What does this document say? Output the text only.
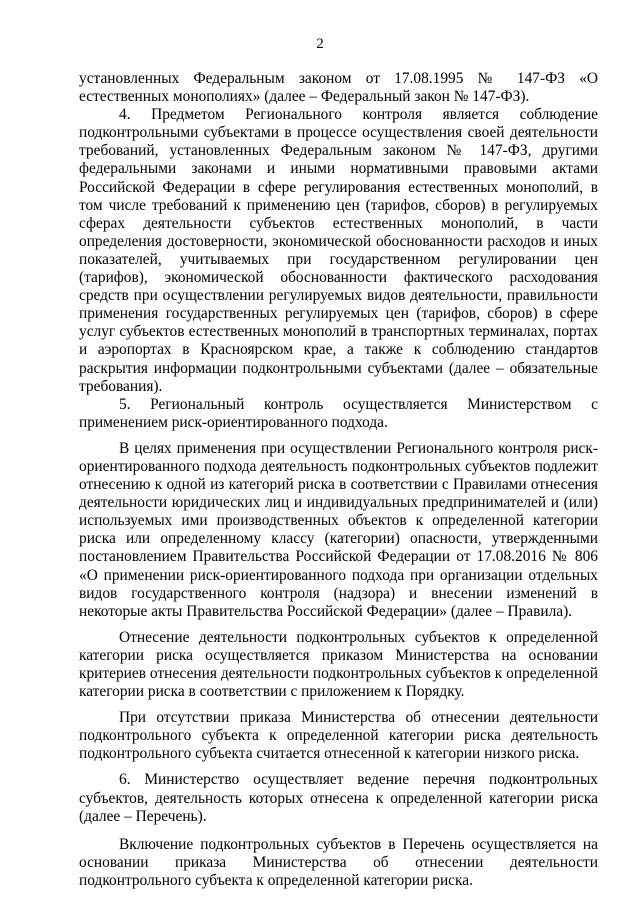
2

установленных Федеральным законом от 17.08.1995 № 147-ФЗ «О естественных монополиях» (далее – Федеральный закон № 147-ФЗ).

4. Предметом Регионального контроля является соблюдение подконтрольными субъектами в процессе осуществления своей деятельности требований, установленных Федеральным законом № 147-ФЗ, другими федеральными законами и иными нормативными правовыми актами Российской Федерации в сфере регулирования естественных монополий, в том числе требований к применению цен (тарифов, сборов) в регулируемых сферах деятельности субъектов естественных монополий, в части определения достоверности, экономической обоснованности расходов и иных показателей, учитываемых при государственном регулировании цен (тарифов), экономической обоснованности фактического расходования средств при осуществлении регулируемых видов деятельности, правильности применения государственных регулируемых цен (тарифов, сборов) в сфере услуг субъектов естественных монополий в транспортных терминалах, портах и аэропортах в Красноярском крае, а также к соблюдению стандартов раскрытия информации подконтрольными субъектами (далее – обязательные требования).

5. Региональный контроль осуществляется Министерством с применением риск-ориентированного подхода.

В целях применения при осуществлении Регионального контроля риск-ориентированного подхода деятельность подконтрольных субъектов подлежит отнесению к одной из категорий риска в соответствии с Правилами отнесения деятельности юридических лиц и индивидуальных предпринимателей и (или) используемых ими производственных объектов к определенной категории риска или определенному классу (категории) опасности, утвержденными постановлением Правительства Российской Федерации от 17.08.2016 № 806 «О применении риск-ориентированного подхода при организации отдельных видов государственного контроля (надзора) и внесении изменений в некоторые акты Правительства Российской Федерации» (далее – Правила).

Отнесение деятельности подконтрольных субъектов к определенной категории риска осуществляется приказом Министерства на основании критериев отнесения деятельности подконтрольных субъектов к определенной категории риска в соответствии с приложением к Порядку.

При отсутствии приказа Министерства об отнесении деятельности подконтрольного субъекта к определенной категории риска деятельность подконтрольного субъекта считается отнесенной к категории низкого риска.

6. Министерство осуществляет ведение перечня подконтрольных субъектов, деятельность которых отнесена к определенной категории риска (далее – Перечень).

Включение подконтрольных субъектов в Перечень осуществляется на основании приказа Министерства об отнесении деятельности подконтрольного субъекта к определенной категории риска.
